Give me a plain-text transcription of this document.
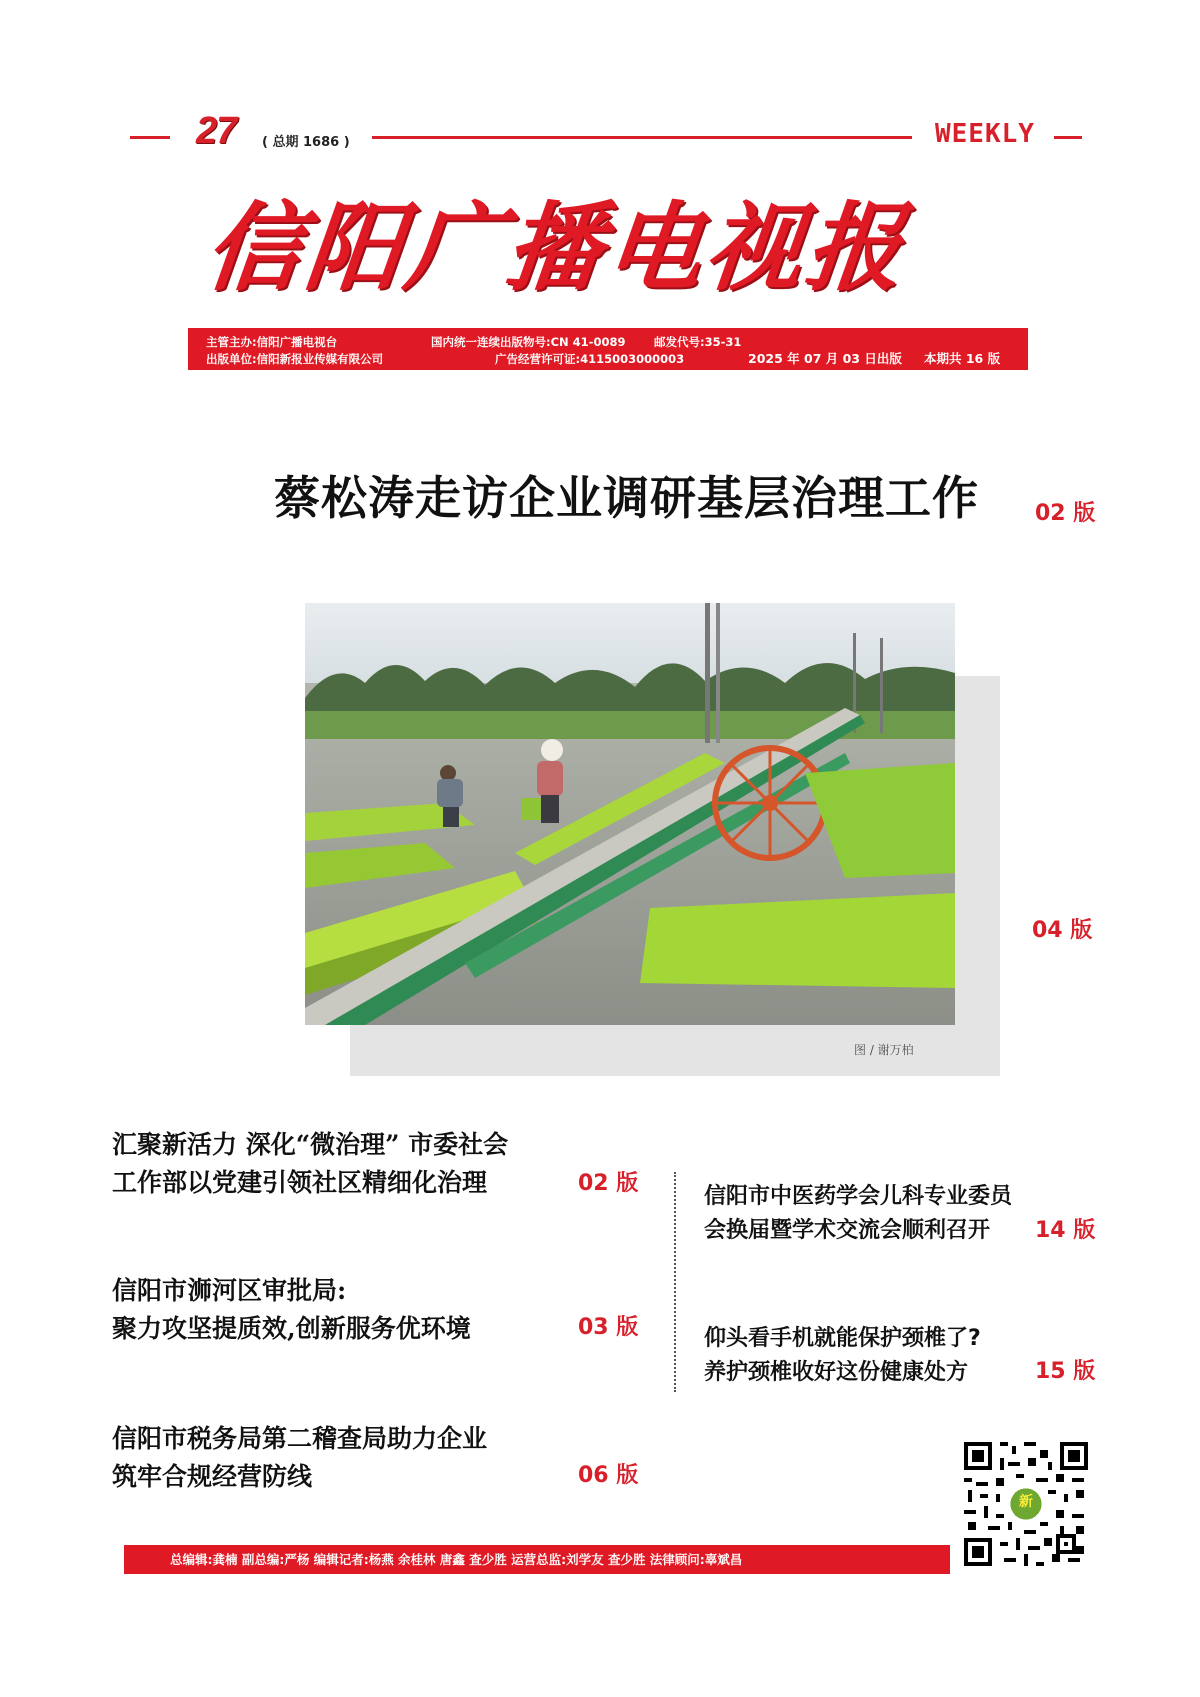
27 ( 总期 1686 )	WEEKLY
信阳广播电视报
主管主办:信阳广播电视台
出版单位:信阳新报业传媒有限公司
国内统一连续出版物号:CN 41-0089 邮发代号:35-31
广告经营许可证:4115003000003	2025 年 07 月 03 日出版 本期共 16 版
蔡松涛走访企业调研基层治理工作	02 版
04 版
图 / 谢万柏
汇聚新活力 深化“微治理” 市委社会
工作部以党建引领社区精细化治理	02 版
信阳市浉河区审批局:
聚力攻坚提质效,创新服务优环境	03 版
信阳市税务局第二稽查局助力企业
筑牢合规经营防线	06 版
信阳市中医药学会儿科专业委员
会换届暨学术交流会顺利召开	14 版
仰头看手机就能保护颈椎了?
养护颈椎收好这份健康处方	15 版
新
总编辑:龚楠 副总编:严杨 编辑记者:杨燕 余桂林 唐鑫 查少胜 运营总监:刘学友 查少胜 法律顾问:辜斌昌
